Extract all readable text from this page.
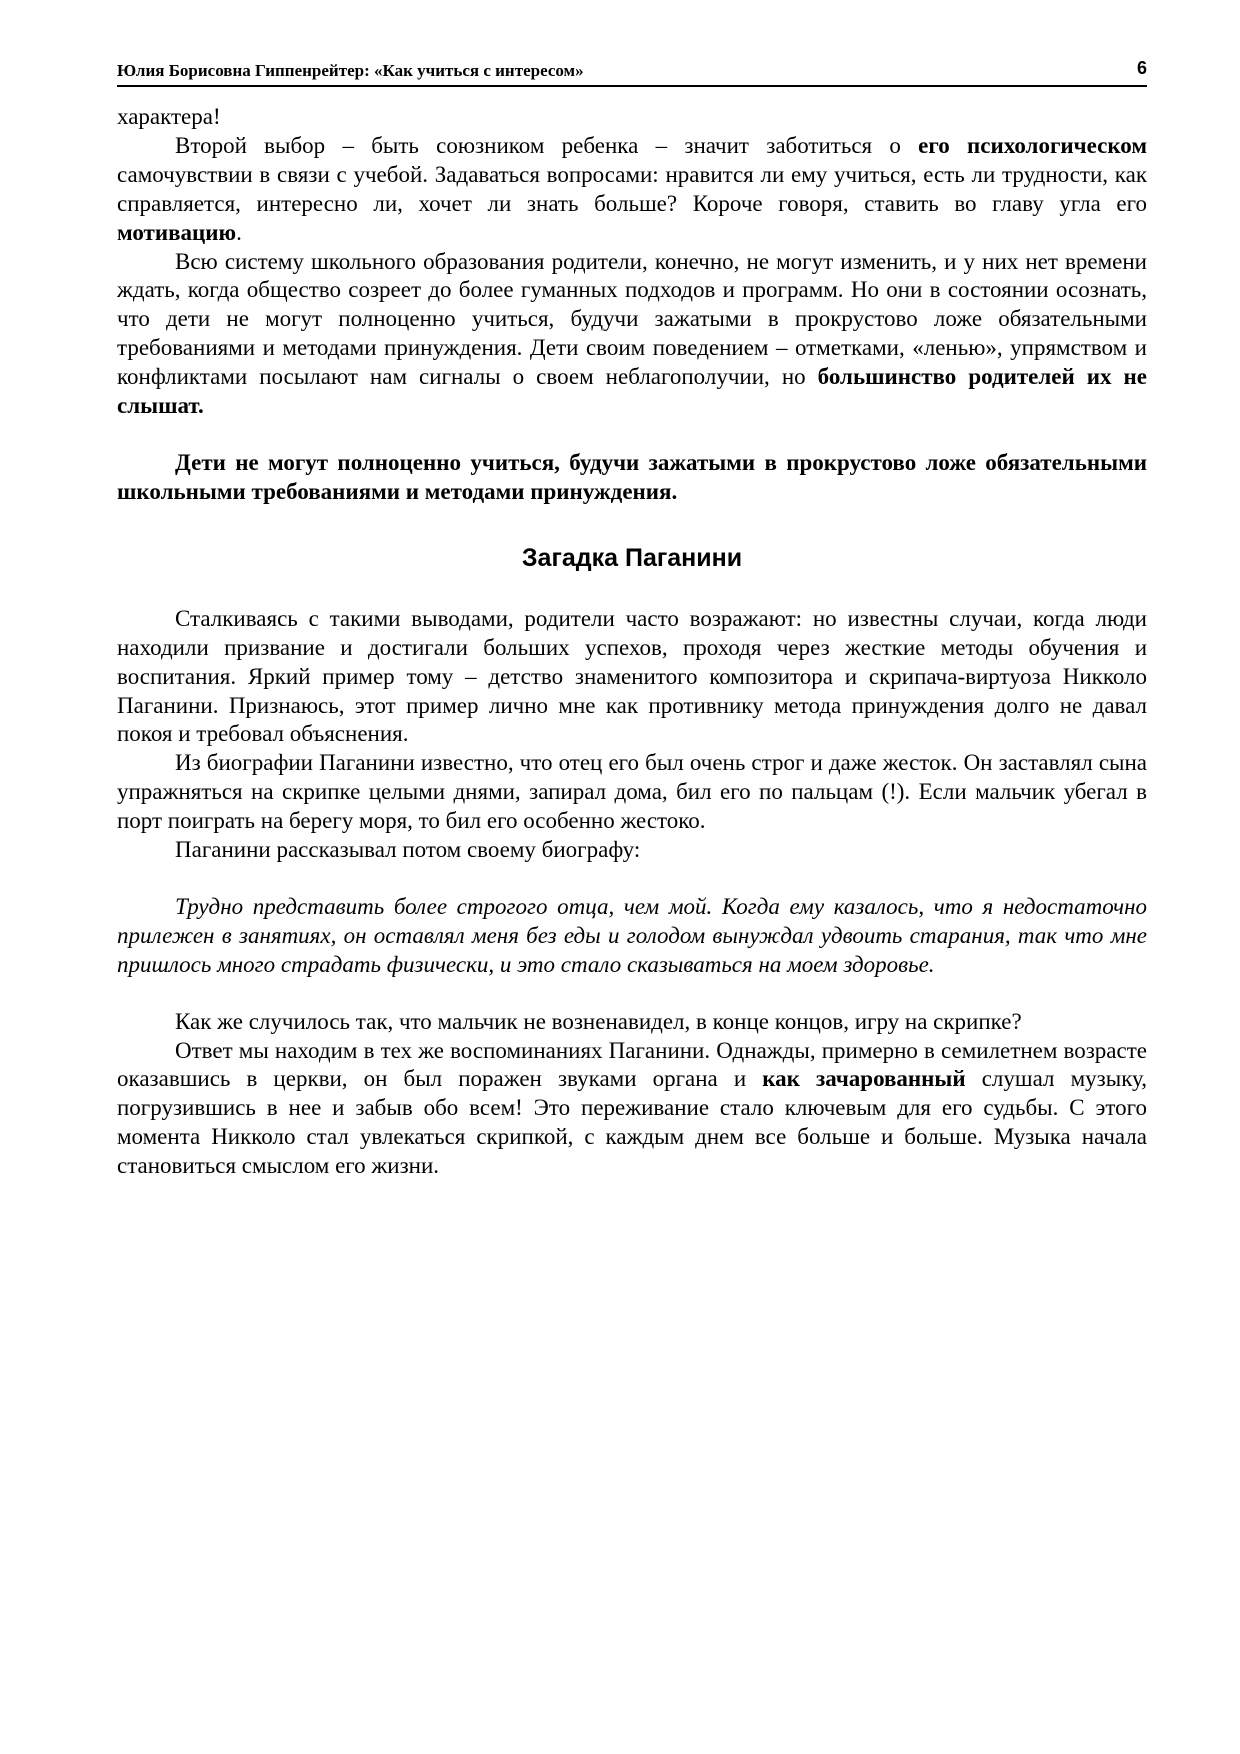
Юлия Борисовна Гиппенрейтер: «Как учиться с интересом»	6

характера!

Второй выбор – быть союзником ребенка – значит заботиться о его психологическом самочувствии в связи с учебой. Задаваться вопросами: нравится ли ему учиться, есть ли трудности, как справляется, интересно ли, хочет ли знать больше? Короче говоря, ставить во главу угла его мотивацию.

Всю систему школьного образования родители, конечно, не могут изменить, и у них нет времени ждать, когда общество созреет до более гуманных подходов и программ. Но они в состоянии осознать, что дети не могут полноценно учиться, будучи зажатыми в прокрустово ложе обязательными требованиями и методами принуждения. Дети своим поведением – отметками, «ленью», упрямством и конфликтами посылают нам сигналы о своем неблагополучии, но большинство родителей их не слышат.

Дети не могут полноценно учиться, будучи зажатыми в прокрустово ложе обязательными школьными требованиями и методами принуждения.

Загадка Паганини

Сталкиваясь с такими выводами, родители часто возражают: но известны случаи, когда люди находили призвание и достигали больших успехов, проходя через жесткие методы обучения и воспитания. Яркий пример тому – детство знаменитого композитора и скрипача-виртуоза Никколо Паганини. Признаюсь, этот пример лично мне как противнику метода принуждения долго не давал покоя и требовал объяснения.

Из биографии Паганини известно, что отец его был очень строг и даже жесток. Он заставлял сына упражняться на скрипке целыми днями, запирал дома, бил его по пальцам (!). Если мальчик убегал в порт поиграть на берегу моря, то бил его особенно жестоко.

Паганини рассказывал потом своему биографу:

Трудно представить более строгого отца, чем мой. Когда ему казалось, что я недостаточно прилежен в занятиях, он оставлял меня без еды и голодом вынуждал удвоить старания, так что мне пришлось много страдать физически, и это стало сказываться на моем здоровье.

Как же случилось так, что мальчик не возненавидел, в конце концов, игру на скрипке?

Ответ мы находим в тех же воспоминаниях Паганини. Однажды, примерно в семилетнем возрасте оказавшись в церкви, он был поражен звуками органа и как зачарованный слушал музыку, погрузившись в нее и забыв обо всем! Это переживание стало ключевым для его судьбы. С этого момента Никколо стал увлекаться скрипкой, с каждым днем все больше и больше. Музыка начала становиться смыслом его жизни.
